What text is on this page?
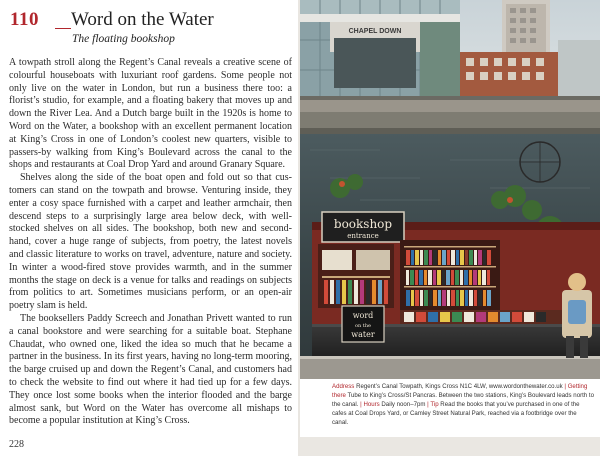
110 Word on the Water
The floating bookshop

A towpath stroll along the Regent’s Canal reveals a creative scene of colourful houseboats with luxuriant roof gardens. Some people not only live on the water in London, but run a business there too: a florist’s studio, for example, and a floating bakery that moves up and down the River Lea. And a Dutch barge built in the 1920s is home to Word on the Water, a bookshop with an excellent permanent location at King’s Cross in one of London’s coolest new quarters, visible to passers-by walking from King’s Boulevard across the canal to the shops and restaurants at Coal Drop Yard and around Granary Square.

Shelves along the side of the boat open and fold out so that customers can stand on the towpath and browse. Venturing inside, they enter a cosy space furnished with a carpet and leather armchair, then descend steps to a surprisingly large area below deck, with well-stocked shelves on all sides. The bookshop, both new and second-hand, cover a huge range of subjects, from poetry, the latest novels and classic literature to works on travel, adventure, nature and society. In winter a wood-fired stove provides warmth, and in the summer months the stage on deck is a venue for talks and readings on subjects from politics to art. Sometimes musicians perform, or an open-air poetry slam is held.

The booksellers Paddy Screech and Jonathan Privett wanted to run a canal bookstore and were searching for a suitable boat. Stephane Chaudat, who owned one, liked the idea so much that he became a partner in the business. In its first years, having no long-term mooring, the barge cruised up and down the Regent’s Canal, and customers had to check the website to find out where it had tied up for a few days. They once lost some books when the interior flooded and the barge almost sank, but Word on the Water has overcome all mishaps to become a popular institution at King’s Cross.

228
CHAPEL DOWN
bookshop
entrance
word
on the
water
Address Regent’s Canal Towpath, Kings Cross N1C 4LW, www.wordonthewater.co.uk | Getting there Tube to King’s Cross/St Pancras. Between the two stations, King’s Boulevard leads north to the canal. | Hours Daily noon–7pm | Tip Read the books that you’ve purchased in one of the cafes at Coal Drops Yard, or Camley Street Natural Park, reached via a footbridge over the canal.
